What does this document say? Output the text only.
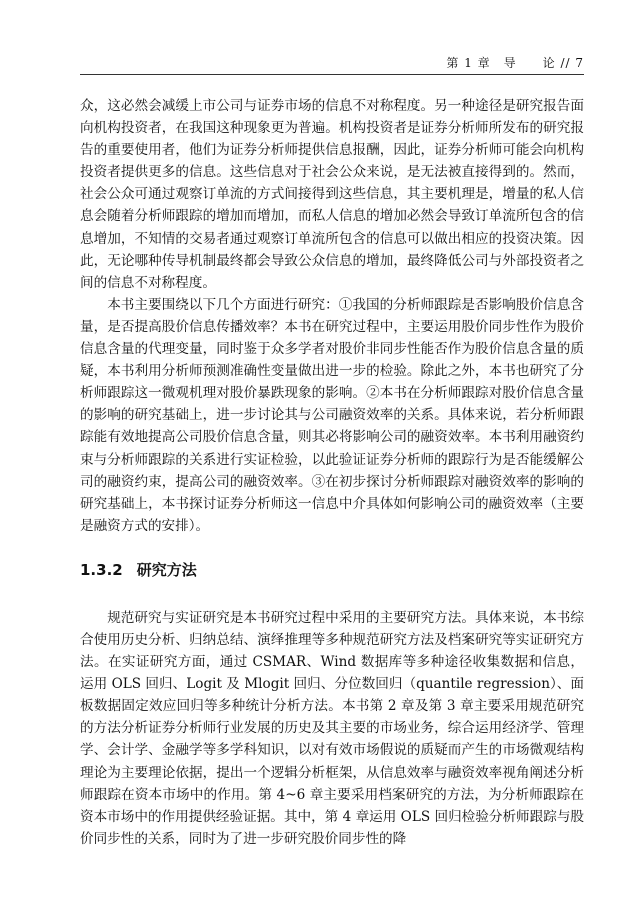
第 1 章　导　　论 // 7

众，这必然会减缓上市公司与证券市场的信息不对称程度。另一种途径是研究报告面向机构投资者，在我国这种现象更为普遍。机构投资者是证券分析师所发布的研究报告的重要使用者，他们为证券分析师提供信息报酬，因此，证券分析师可能会向机构投资者提供更多的信息。这些信息对于社会公众来说，是无法被直接得到的。然而，社会公众可通过观察订单流的方式间接得到这些信息，其主要机理是，增量的私人信息会随着分析师跟踪的增加而增加，而私人信息的增加必然会导致订单流所包含的信息增加，不知情的交易者通过观察订单流所包含的信息可以做出相应的投资决策。因此，无论哪种传导机制最终都会导致公众信息的增加，最终降低公司与外部投资者之间的信息不对称程度。

本书主要围绕以下几个方面进行研究：①我国的分析师跟踪是否影响股价信息含量，是否提高股价信息传播效率？本书在研究过程中，主要运用股价同步性作为股价信息含量的代理变量，同时鉴于众多学者对股价非同步性能否作为股价信息含量的质疑，本书利用分析师预测准确性变量做出进一步的检验。除此之外，本书也研究了分析师跟踪这一微观机理对股价暴跌现象的影响。②本书在分析师跟踪对股价信息含量的影响的研究基础上，进一步讨论其与公司融资效率的关系。具体来说，若分析师跟踪能有效地提高公司股价信息含量，则其必将影响公司的融资效率。本书利用融资约束与分析师跟踪的关系进行实证检验，以此验证证券分析师的跟踪行为是否能缓解公司的融资约束，提高公司的融资效率。③在初步探讨分析师跟踪对融资效率的影响的研究基础上，本书探讨证券分析师这一信息中介具体如何影响公司的融资效率（主要是融资方式的安排）。

1.3.2 研究方法

规范研究与实证研究是本书研究过程中采用的主要研究方法。具体来说，本书综合使用历史分析、归纳总结、演绎推理等多种规范研究方法及档案研究等实证研究方法。在实证研究方面，通过 CSMAR、Wind 数据库等多种途径收集数据和信息，运用 OLS 回归、Logit 及 Mlogit 回归、分位数回归（quantile regression）、面板数据固定效应回归等多种统计分析方法。本书第 2 章及第 3 章主要采用规范研究的方法分析证券分析师行业发展的历史及其主要的市场业务，综合运用经济学、管理学、会计学、金融学等多学科知识，以对有效市场假说的质疑而产生的市场微观结构理论为主要理论依据，提出一个逻辑分析框架，从信息效率与融资效率视角阐述分析师跟踪在资本市场中的作用。第 4~6 章主要采用档案研究的方法，为分析师跟踪在资本市场中的作用提供经验证据。其中，第 4 章运用 OLS 回归检验分析师跟踪与股价同步性的关系，同时为了进一步研究股价同步性的降
